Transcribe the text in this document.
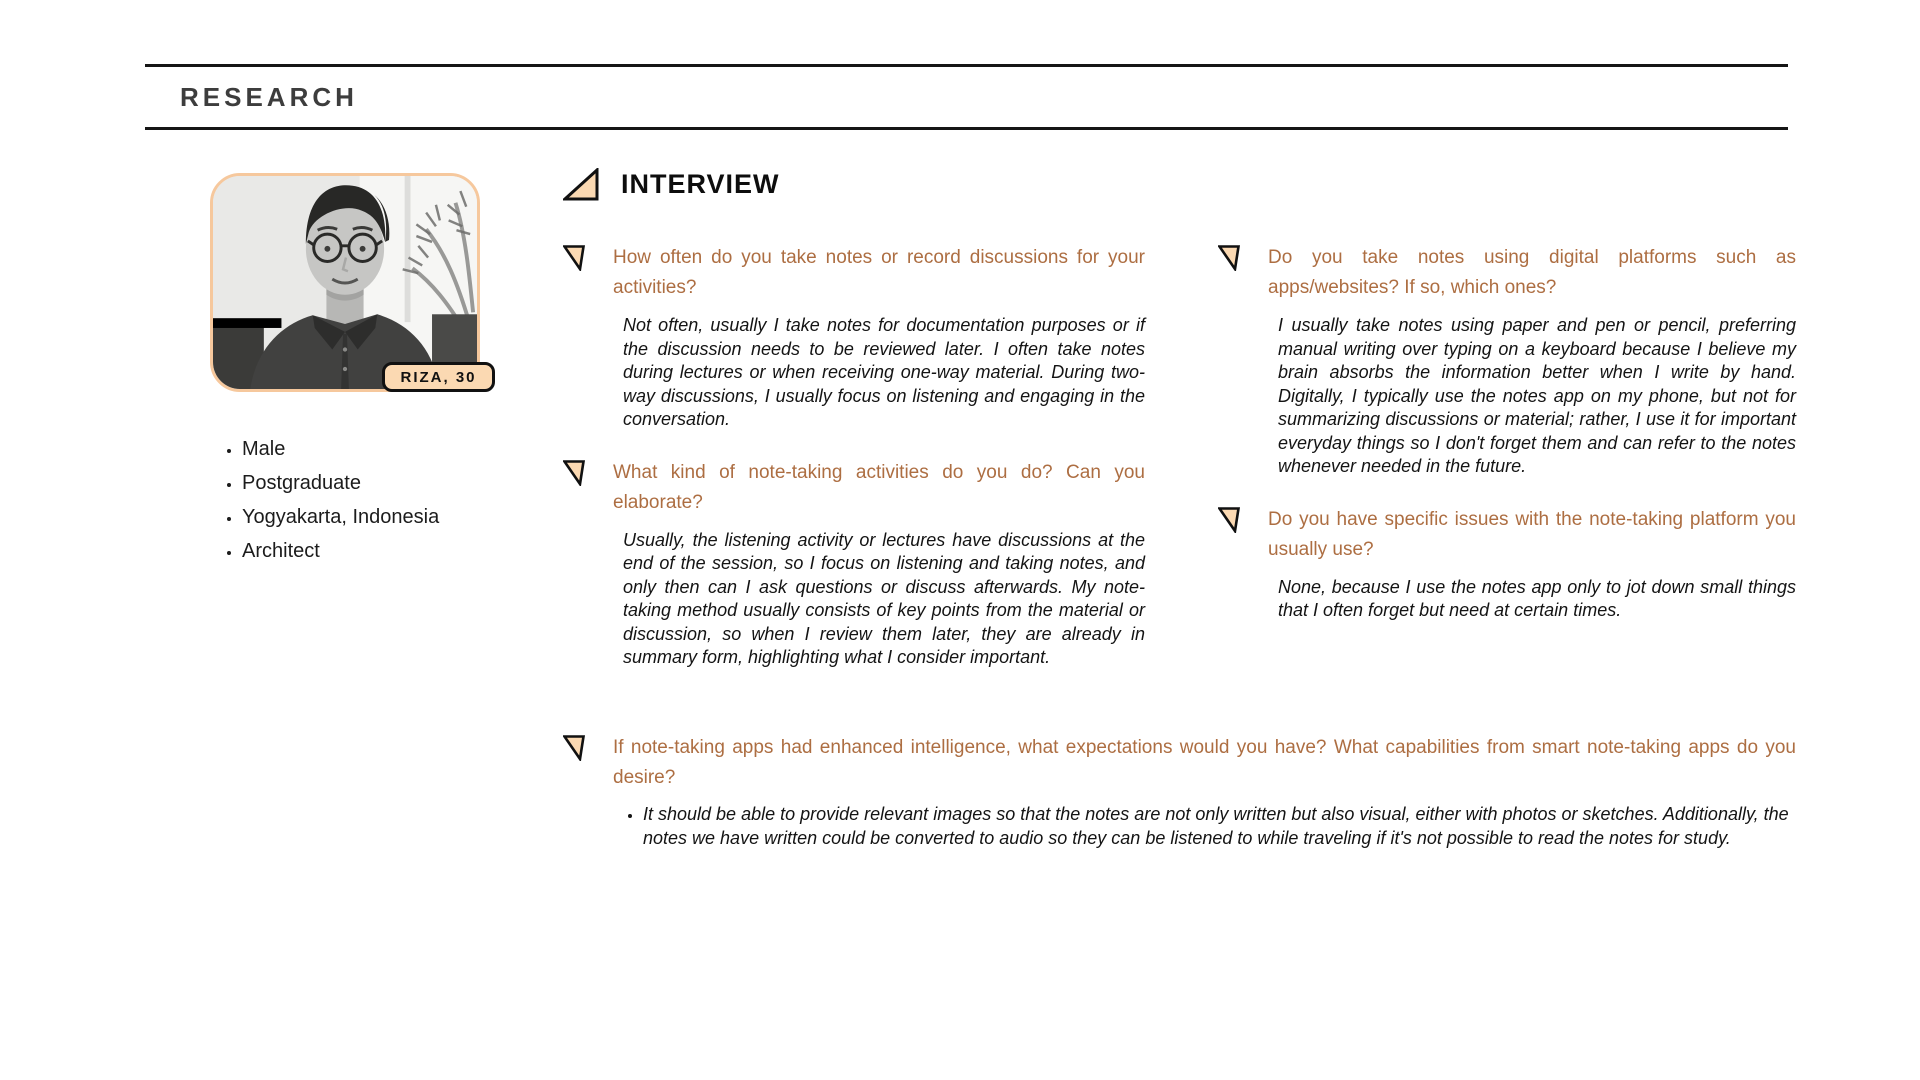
RESEARCH
RIZA, 30
• Male
• Postgraduate
• Yogyakarta, Indonesia
• Architect
INTERVIEW

How often do you take notes or record discussions for your activities?

Not often, usually I take notes for documentation purposes or if the discussion needs to be reviewed later. I often take notes during lectures or when receiving one-way material. During two-way discussions, I usually focus on listening and engaging in the conversation.

What kind of note-taking activities do you do? Can you elaborate?

Usually, the listening activity or lectures have discussions at the end of the session, so I focus on listening and taking notes, and only then can I ask questions or discuss afterwards. My note-taking method usually consists of key points from the material or discussion, so when I review them later, they are already in summary form, highlighting what I consider important.

Do you take notes using digital platforms such as apps/websites? If so, which ones?

I usually take notes using paper and pen or pencil, preferring manual writing over typing on a keyboard because I believe my brain absorbs the information better when I write by hand. Digitally, I typically use the notes app on my phone, but not for summarizing discussions or material; rather, I use it for important everyday things so I don't forget them and can refer to the notes whenever needed in the future.

Do you have specific issues with the note-taking platform you usually use?

None, because I use the notes app only to jot down small things that I often forget but need at certain times.

If note-taking apps had enhanced intelligence, what expectations would you have? What capabilities from smart note-taking apps do you desire?

• It should be able to provide relevant images so that the notes are not only written but also visual, either with photos or sketches. Additionally, the notes we have written could be converted to audio so they can be listened to while traveling if it's not possible to read the notes for study.
